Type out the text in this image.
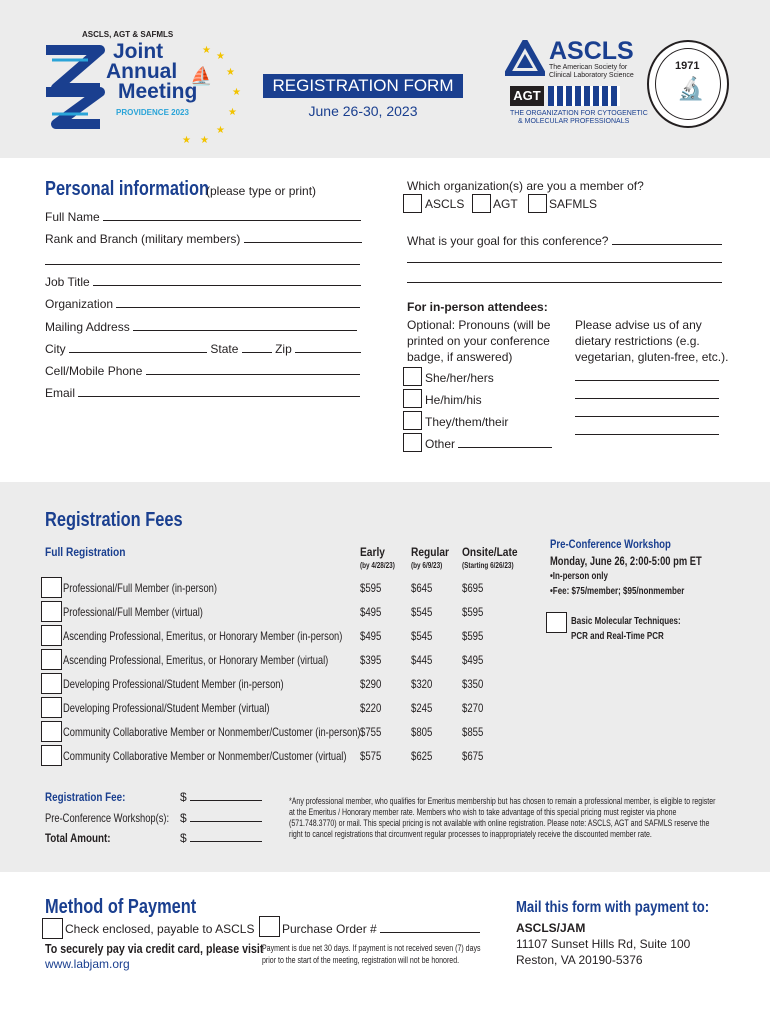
ASCLS, AGT & SAFMLS
Joint
Annual
Meeting
PROVIDENCE 2023
★
★
★
★
★
★
★
★
⛵	REGISTRATION FORM
June 26-30, 2023
ASCLS
The American Society for
Clinical Laboratory Science
AGT
THE ORGANIZATION FOR CYTOGENETIC
& MOLECULAR PROFESSIONALS
1971
🔬
Personal information
(please type or print)
Full Name
Rank and Branch (military members)
Job Title
Organization
Mailing Address
City	State	Zip
Cell/Mobile Phone
Email
Which organization(s) are you a member of?
ASCLS AGT	SAFMLS
What is your goal for this conference?
For in-person attendees:
Optional: Pronouns (will be
printed on your conference
badge, if answered)
She/her/hers
He/him/his
They/them/their
Other
Please advise us of any
dietary restrictions (e.g.
vegetarian, gluten-free, etc.).
Registration Fees
Full Registration	Early
(by 4/28/23)
Regular
(by 6/9/23)
Onsite/Late
(Starting 6/26/23)
Professional/Full Member (in-person)	$595 $645 $695
Professional/Full Member (virtual)	$495 $545 $595
Ascending Professional, Emeritus, or Honorary Member (in-person) $495 $545 $595
Ascending Professional, Emeritus, or Honorary Member (virtual)	$395 $445 $495
Developing Professional/Student Member (in-person)	$290 $320 $350
Developing Professional/Student Member (virtual)	$220 $245 $270
Community Collaborative Member or Nonmember/Customer (in-person) $755 $805 $855
Community Collaborative Member or Nonmember/Customer (virtual) $575 $625 $675
Pre-Conference Workshop
Monday, June 26, 2:00-5:00 pm ET
•In-person only
•Fee: $75/member; $95/nonmember
Basic Molecular Techniques:
PCR and Real-Time PCR
Registration Fee:	$
Pre-Conference Workshop(s): $
Total Amount:	$
*Any professional member, who qualifies for Emeritus membership but has chosen to remain a professional member, is eligible to register at the Emeritus / Honorary member rate. Members who wish to take advantage of this special pricing must register via phone (571.748.3770) or mail. This special pricing is not available with online registration. Please note: ASCLS, AGT and SAFMLS reserve the right to cancel registrations that circumvent regular processes to inappropriately receive the discounted member rate.
Method of Payment
Check enclosed, payable to ASCLS
To securely pay via credit card, please visit
www.labjam.org
Purchase Order #
Payment is due net 30 days. If payment is not received seven (7) days
prior to the start of the meeting, registration will not be honored.
Mail this form with payment to:
ASCLS/JAM
11107 Sunset Hills Rd, Suite 100
Reston, VA 20190-5376
